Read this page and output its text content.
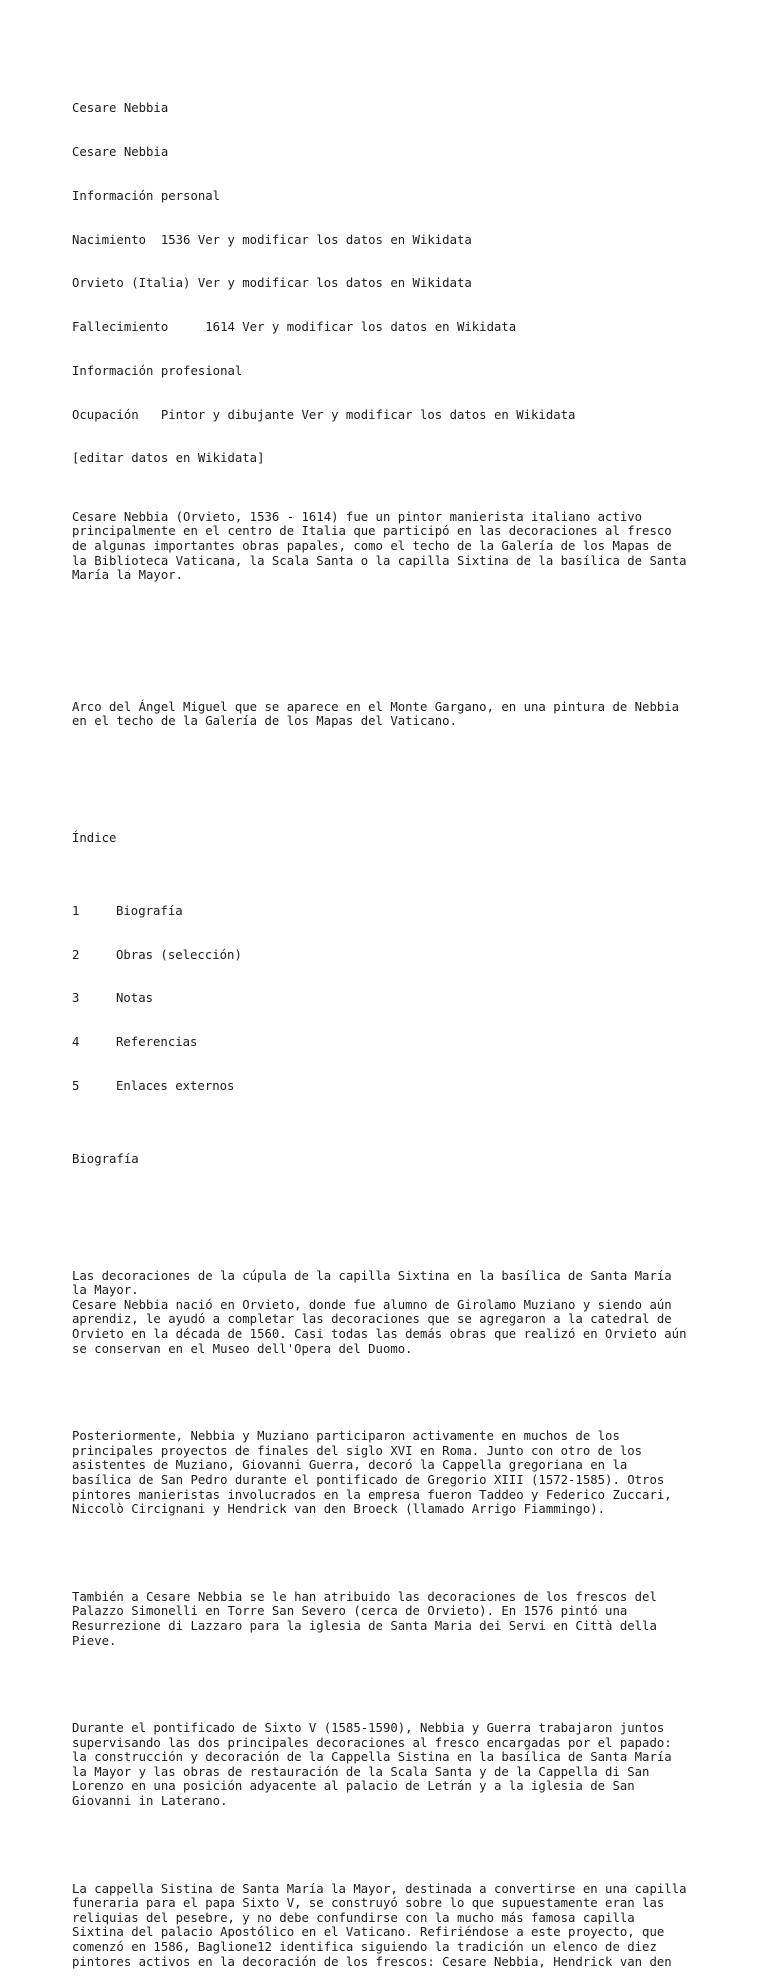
Cesare Nebbia

Cesare Nebbia

Información personal

Nacimiento  1536 Ver y modificar los datos en Wikidata

Orvieto (Italia) Ver y modificar los datos en Wikidata

Fallecimiento     1614 Ver y modificar los datos en Wikidata

Información profesional

Ocupación   Pintor y dibujante Ver y modificar los datos en Wikidata

[editar datos en Wikidata]

Cesare Nebbia (Orvieto, 1536 - 1614) fue un pintor manierista italiano activo
principalmente en el centro de Italia que participó en las decoraciones al fresco
de algunas importantes obras papales, como el techo de la Galería de los Mapas de
la Biblioteca Vaticana, la Scala Santa o la capilla Sixtina de la basílica de Santa
María la Mayor.

Arco del Ángel Miguel que se aparece en el Monte Gargano, en una pintura de Nebbia
en el techo de la Galería de los Mapas del Vaticano.

Índice

1	Biografía

2	Obras (selección)

3	Notas

4	Referencias

5	Enlaces externos

Biografía

Las decoraciones de la cúpula de la capilla Sixtina en la basílica de Santa María
la Mayor.
Cesare Nebbia nació en Orvieto, donde fue alumno de Girolamo Muziano y siendo aún
aprendiz, le ayudó a completar las decoraciones que se agregaron a la catedral de
Orvieto en la década de 1560. Casi todas las demás obras que realizó en Orvieto aún
se conservan en el Museo dell'Opera del Duomo.

Posteriormente, Nebbia y Muziano participaron activamente en muchos de los
principales proyectos de finales del siglo XVI en Roma. Junto con otro de los
asistentes de Muziano, Giovanni Guerra, decoró la Cappella gregoriana en la
basílica de San Pedro durante el pontificado de Gregorio XIII (1572-1585). Otros
pintores manieristas involucrados en la empresa fueron Taddeo y Federico Zuccari,
Niccolò Circignani y Hendrick van den Broeck (llamado Arrigo Fiammingo).

También a Cesare Nebbia se le han atribuido las decoraciones de los frescos del
Palazzo Simonelli en Torre San Severo (cerca de Orvieto). En 1576 pintó una
Resurrezione di Lazzaro para la iglesia de Santa Maria dei Servi en Città della
Pieve.

Durante el pontificado de Sixto V (1585-1590), Nebbia y Guerra trabajaron juntos
supervisando las dos principales decoraciones al fresco encargadas por el papado:
la construcción y decoración de la Cappella Sistina en la basílica de Santa María
la Mayor y las obras de restauración de la Scala Santa y de la Cappella di San
Lorenzo en una posición adyacente al palacio de Letrán y a la iglesia de San
Giovanni in Laterano.

La cappella Sistina de Santa María la Mayor, destinada a convertirse en una capilla
funeraria para el papa Sixto V, se construyó sobre lo que supuestamente eran las
reliquias del pesebre, y no debe confundirse con la mucho más famosa capilla
Sixtina del palacio Apostólico en el Vaticano. Refiriéndose a este proyecto, que
comenzó en 1586, Baglione12 identifica siguiendo la tradición un elenco de diez
pintores activos en la decoración de los frescos: Cesare Nebbia, Hendrick van den
